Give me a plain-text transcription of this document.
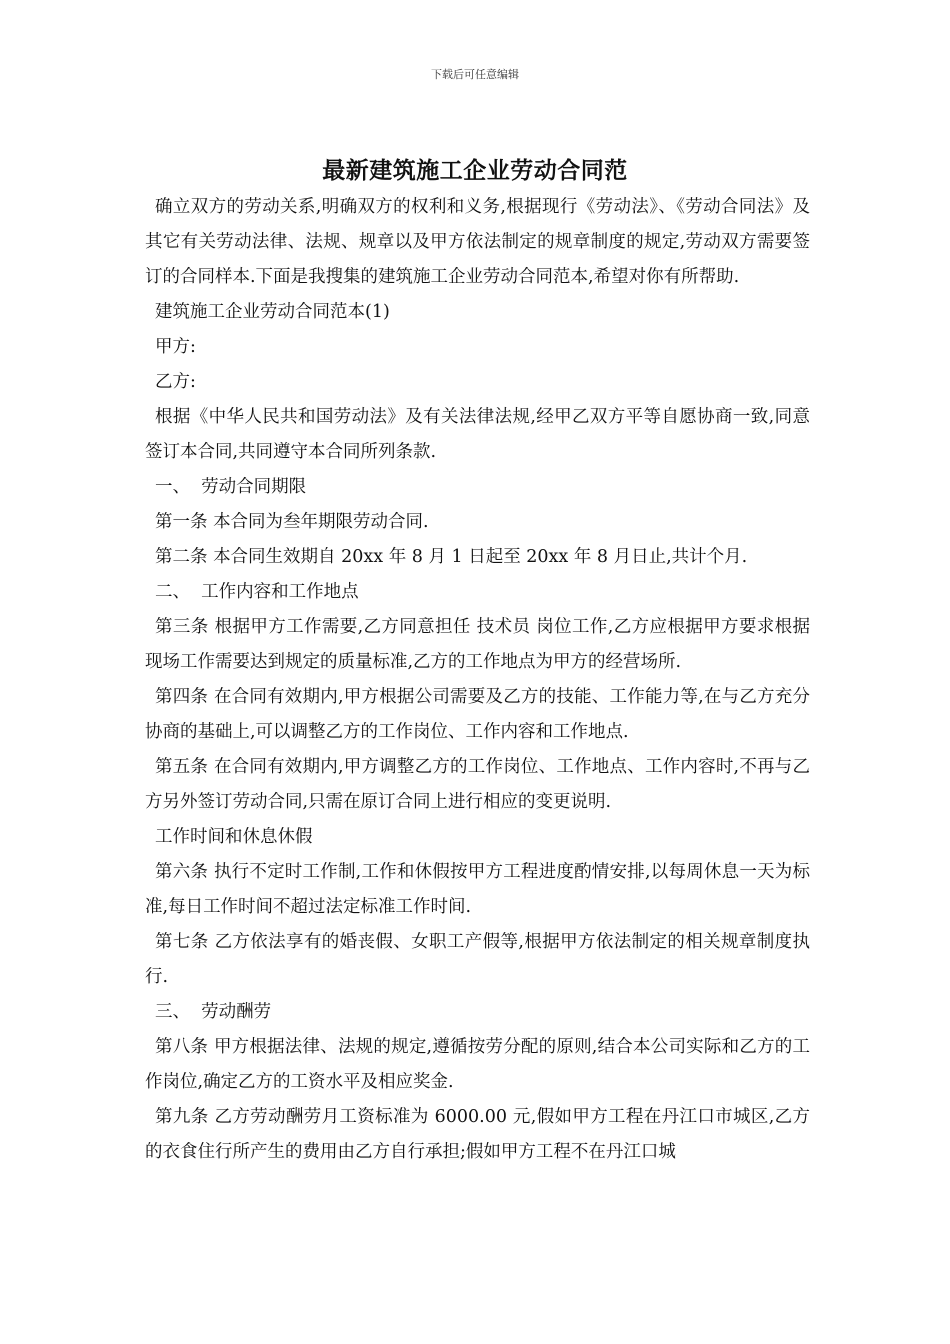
下载后可任意编辑
最新建筑施工企业劳动合同范

确立双方的劳动关系,明确双方的权利和义务,根据现行《劳动法》、《劳动合同法》及其它有关劳动法律、法规、规章以及甲方依法制定的规章制度的规定,劳动双方需要签订的合同样本.下面是我搜集的建筑施工企业劳动合同范本,希望对你有所帮助.

建筑施工企业劳动合同范本(1)

甲方:

乙方:

根据《中华人民共和国劳动法》及有关法律法规,经甲乙双方平等自愿协商一致,同意签订本合同,共同遵守本合同所列条款.

一、  劳动合同期限

第一条 本合同为叁年期限劳动合同.

第二条 本合同生效期自 20xx 年 8 月 1 日起至 20xx 年 8 月日止,共计个月.

二、  工作内容和工作地点

第三条 根据甲方工作需要,乙方同意担任 技术员 岗位工作,乙方应根据甲方要求根据现场工作需要达到规定的质量标准,乙方的工作地点为甲方的经营场所.

第四条 在合同有效期内,甲方根据公司需要及乙方的技能、工作能力等,在与乙方充分协商的基础上,可以调整乙方的工作岗位、工作内容和工作地点.

第五条 在合同有效期内,甲方调整乙方的工作岗位、工作地点、工作内容时,不再与乙方另外签订劳动合同,只需在原订合同上进行相应的变更说明.

工作时间和休息休假

第六条 执行不定时工作制,工作和休假按甲方工程进度酌情安排,以每周休息一天为标准,每日工作时间不超过法定标准工作时间.

第七条 乙方依法享有的婚丧假、女职工产假等,根据甲方依法制定的相关规章制度执行.

三、  劳动酬劳

第八条 甲方根据法律、法规的规定,遵循按劳分配的原则,结合本公司实际和乙方的工作岗位,确定乙方的工资水平及相应奖金.

第九条 乙方劳动酬劳月工资标准为 6000.00 元,假如甲方工程在丹江口市城区,乙方的衣食住行所产生的费用由乙方自行承担;假如甲方工程不在丹江口城
